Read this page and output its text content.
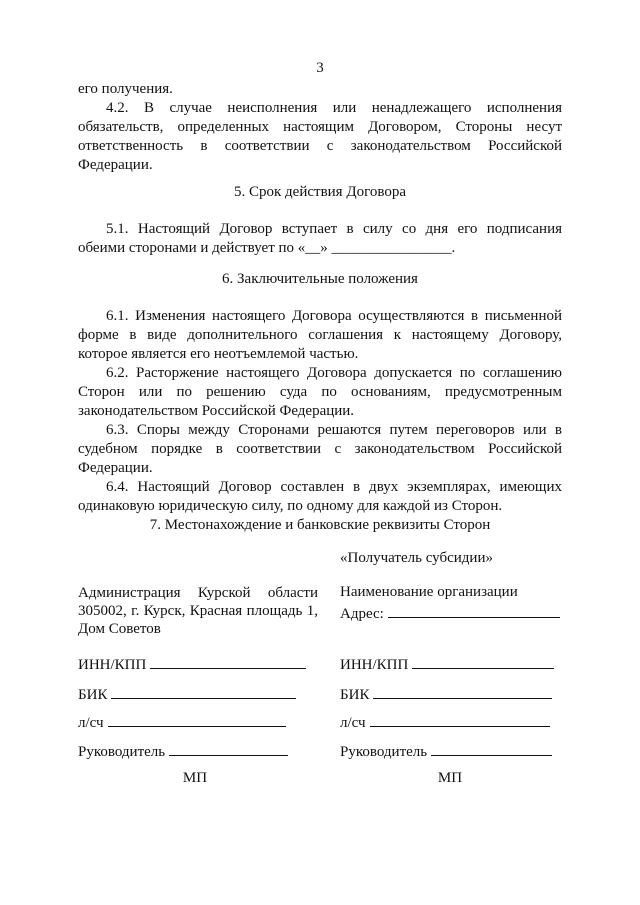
3

его получения.

4.2. В случае неисполнения или ненадлежащего исполнения обязательств, определенных настоящим Договором, Стороны несут ответственность в соответствии с законодательством Российской Федерации.

5. Срок действия Договора

5.1. Настоящий Договор вступает в силу со дня его подписания обеими сторонами и действует по «__» ________________.

6. Заключительные положения

6.1. Изменения настоящего Договора осуществляются в письменной форме в виде дополнительного соглашения к настоящему Договору, которое является его неотъемлемой частью.

6.2. Расторжение настоящего Договора допускается по соглашению Сторон или по решению суда по основаниям, предусмотренным законодательством Российской Федерации.

6.3. Споры между Сторонами решаются путем переговоров или в судебном порядке в соответствии с законодательством Российской Федерации.

6.4. Настоящий Договор составлен в двух экземплярах, имеющих одинаковую юридическую силу, по одному для каждой из Сторон.

7. Местонахождение и банковские реквизиты Сторон
«Получатель субсидии»
Администрация Курской области 305002, г. Курск, Красная площадь 1, Дом Советов
ИНН/КПП
БИК
л/сч
Руководитель
МП
Наименование организации
Адрес:
ИНН/КПП
БИК
л/сч
Руководитель
МП
